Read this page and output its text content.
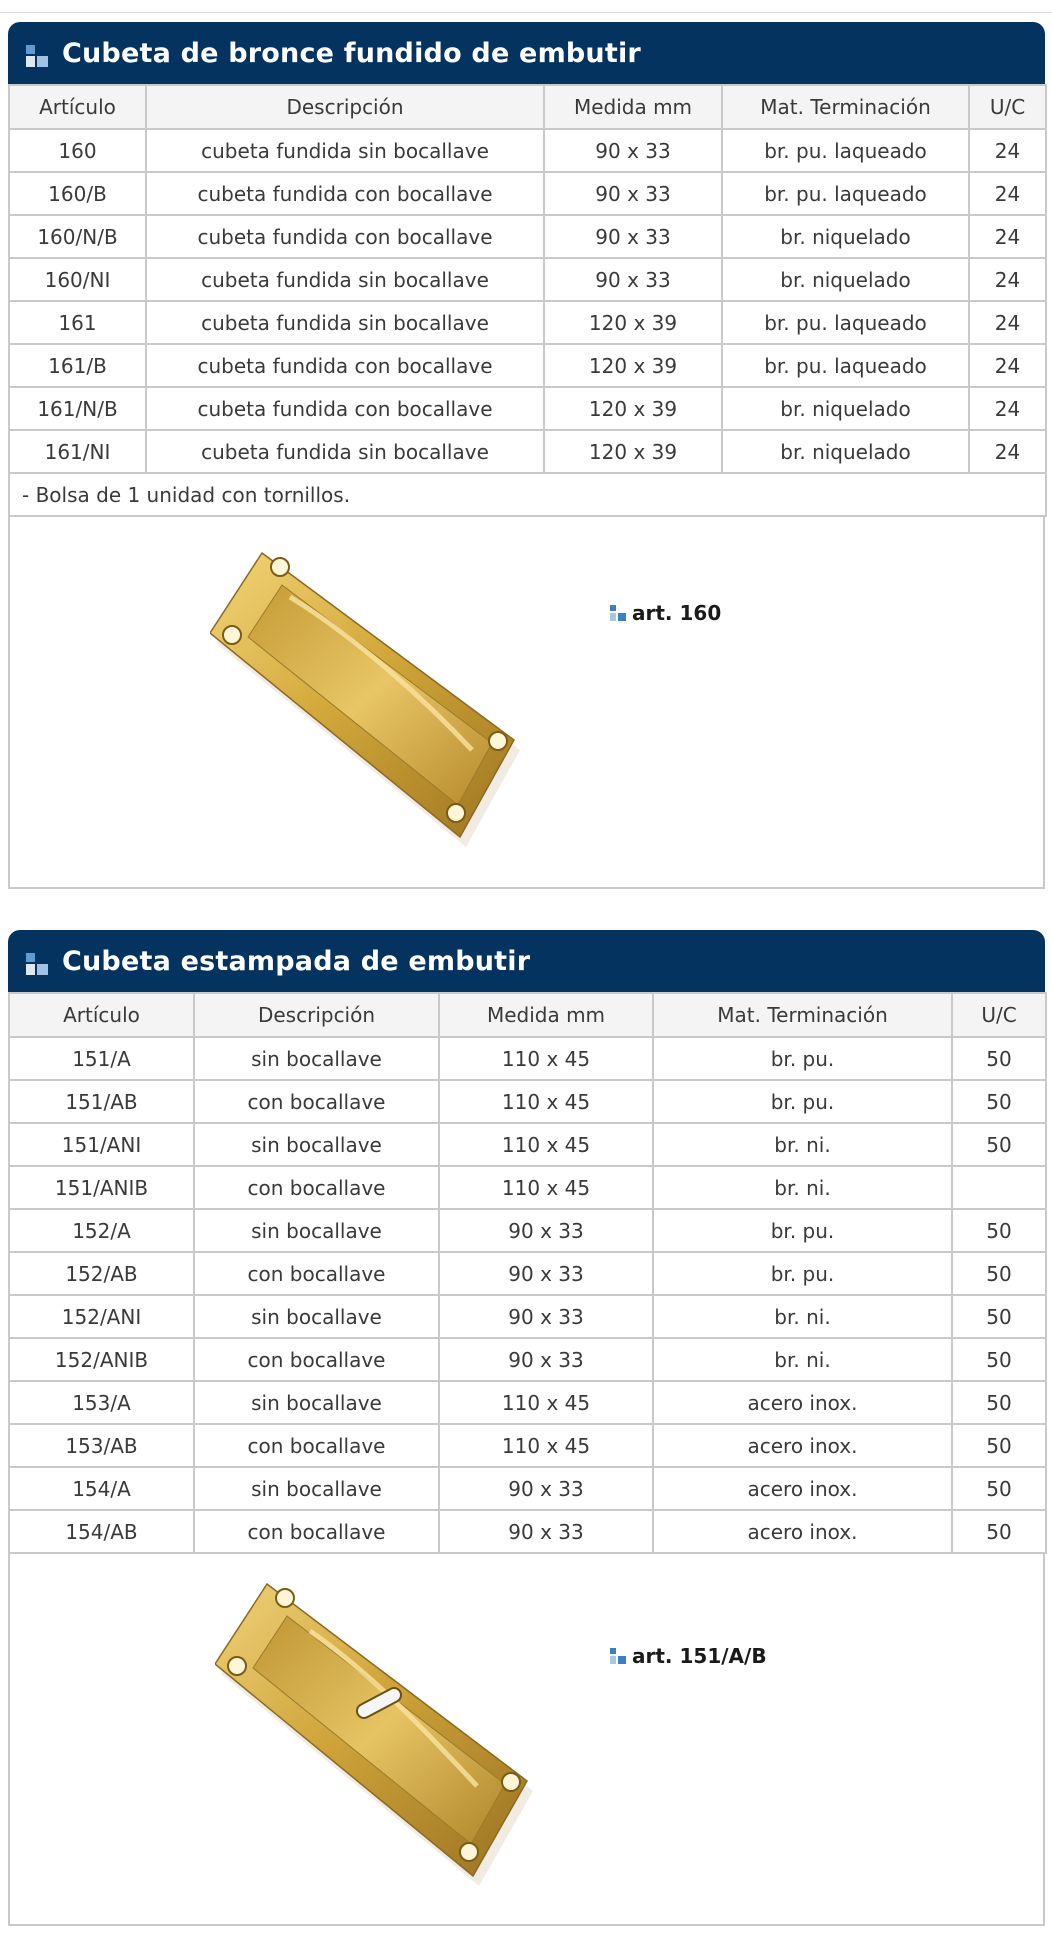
Cubeta de bronce fundido de embutir
Artículo	Descripción	Medida mm	Mat. Terminación	U/C
160	cubeta fundida sin bocallave	90 x 33	br. pu. laqueado	24
160/B	cubeta fundida con bocallave	90 x 33	br. pu. laqueado	24
160/N/B	cubeta fundida con bocallave	90 x 33	br. niquelado	24
160/NI	cubeta fundida sin bocallave	90 x 33	br. niquelado	24
161	cubeta fundida sin bocallave	120 x 39	br. pu. laqueado	24
161/B	cubeta fundida con bocallave	120 x 39	br. pu. laqueado	24
161/N/B	cubeta fundida con bocallave	120 x 39	br. niquelado	24
161/NI	cubeta fundida sin bocallave	120 x 39	br. niquelado	24
- Bolsa de 1 unidad con tornillos.				
art. 160
Cubeta estampada de embutir
Artículo	Descripción	Medida mm	Mat. Terminación	U/C
151/A	sin bocallave	110 x 45	br. pu.	50
151/AB	con bocallave	110 x 45	br. pu.	50
151/ANI	sin bocallave	110 x 45	br. ni.	50
151/ANIB	con bocallave	110 x 45	br. ni.	
152/A	sin bocallave	90 x 33	br. pu.	50
152/AB	con bocallave	90 x 33	br. pu.	50
152/ANI	sin bocallave	90 x 33	br. ni.	50
152/ANIB	con bocallave	90 x 33	br. ni.	50
153/A	sin bocallave	110 x 45	acero inox.	50
153/AB	con bocallave	110 x 45	acero inox.	50
154/A	sin bocallave	90 x 33	acero inox.	50
154/AB	con bocallave	90 x 33	acero inox.	50
art. 151/A/B
